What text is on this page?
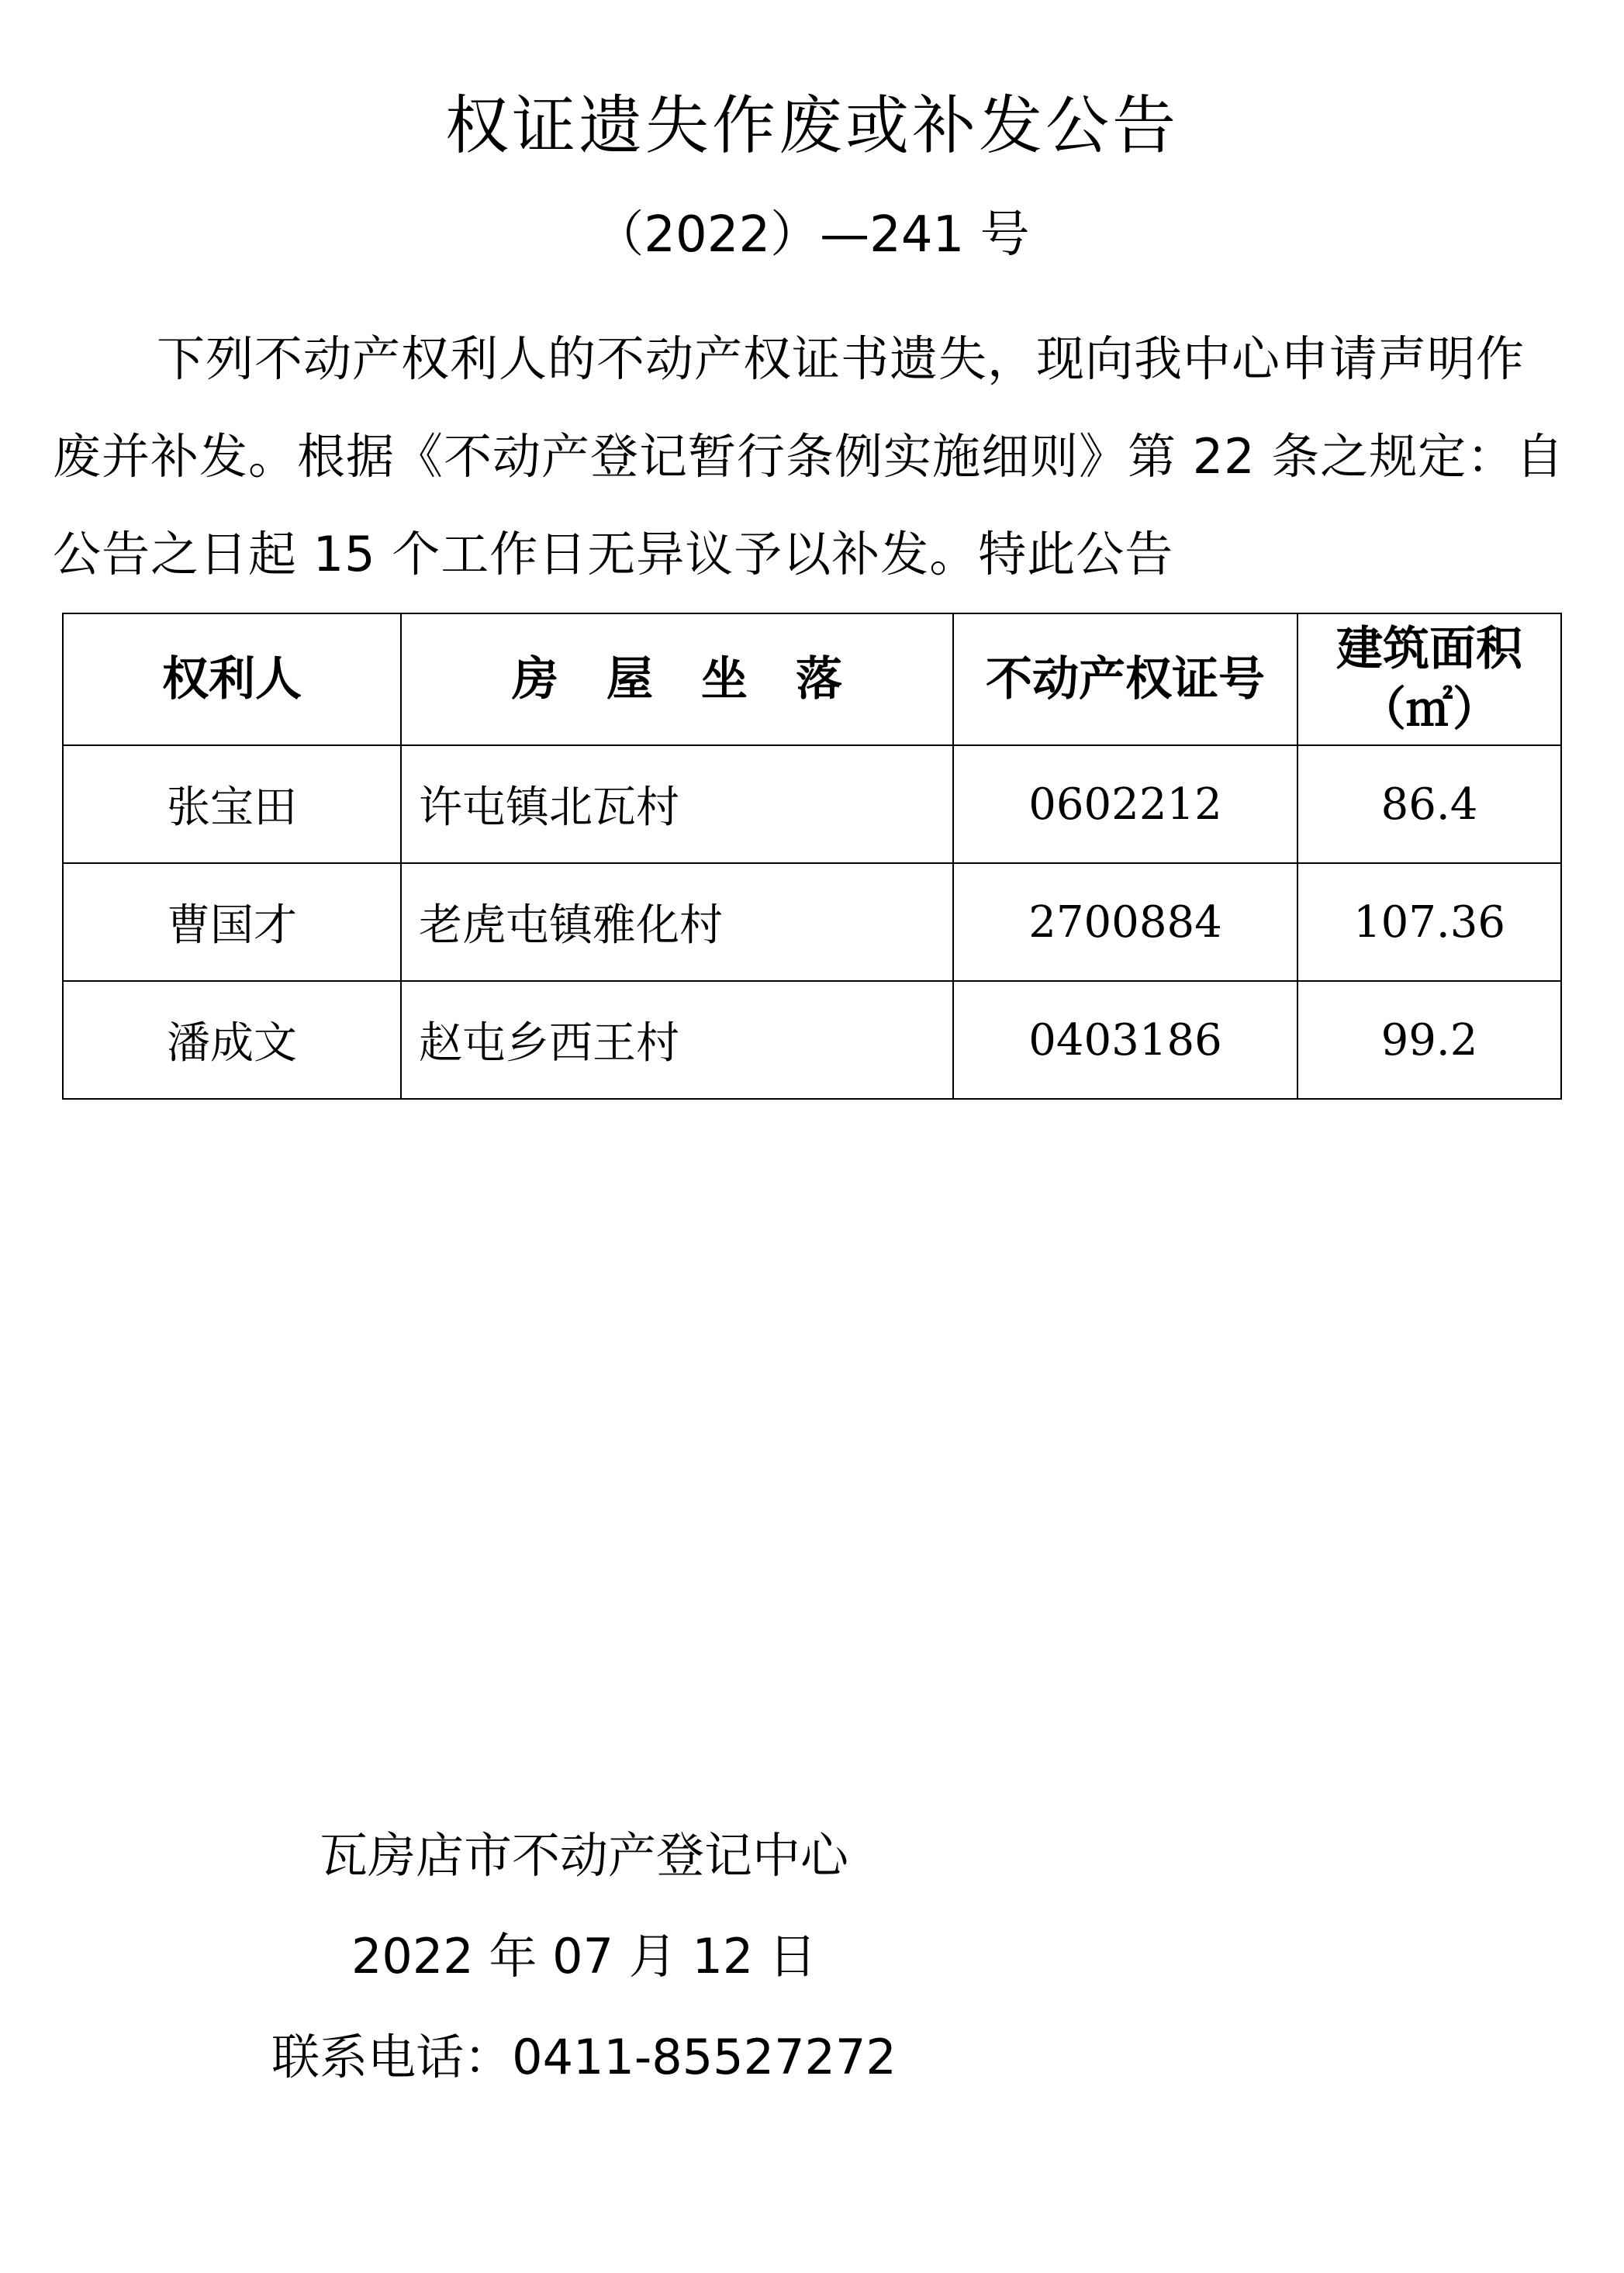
权证遗失作废或补发公告
（2022）—241 号

下列不动产权利人的不动产权证书遗失，现向我中心申请声明作废并补发。根据《不动产登记暂行条例实施细则》第 22 条之规定：自公告之日起 15 个工作日无异议予以补发。特此公告

权利人	房屋坐落	不动产权证号	建筑面积
（㎡）

张宝田	许屯镇北瓦村	0602212	86.4
曹国才	老虎屯镇雅化村	2700884	107.36
潘成文	赵屯乡西王村	0403186	99.2
瓦房店市不动产登记中心
2022 年 07 月 12 日
联系电话：0411-85527272
